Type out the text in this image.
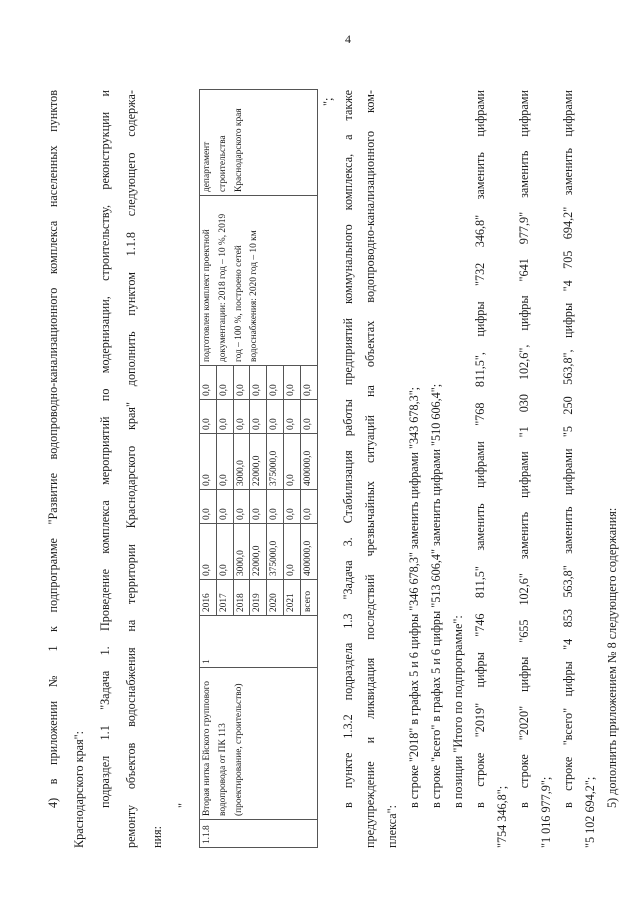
4
4) в приложении № 1 к подпрограмме "Развитие водопроводно-канализационного комплекса населенных пунктов Краснодарского края": подраздел 1.1 "Задача 1. Проведение комплекса мероприятий по модернизации, строительству, реконструкции и
1.1.8	Вторая нитка Ейского группового водопровода от ПК 113 (проектирование, строительство)	1	2016	0,0	0,0	0,0	0,0	0,0	подготовлен комплект проектной документации: 2018 год – 10 %, 2019 год – 100 %, построено сетей водоснабжения: 2020 год – 10 км	департамент строительства Краснодарского края
			2017	0,0	0,0	0,0	0,0	0,0		
			2018	3000,0	0,0	3000,0	0,0	0,0		
			2019	22000,0	0,0	22000,0	0,0	0,0		
			2020	375000,0	0,0	375000,0	0,0	0,0		
			2021	0,0	0,0	0,0	0,0	0,0		
			всего	400000,0	0,0	400000,0	0,0	0,0		
ремонту объектов водоснабжения на территории Краснодарского края" дополнить пунктом 1.1.8 следующего содержа- ния:
"
"; в пункте 1.3.2 подраздела 1.3 "Задача 3. Стабилизация работы предприятий коммунального комплекса, а также предупреждение и ликвидация последствий чрезвычайных ситуаций на объектах водопроводно-канализационного ком- плекса":
в строке "2018" в графах 5 и 6 цифры "346 678,3" заменить цифрами "343 678,3"; в строке "всего" в графах 5 и 6 цифры "513 606,4" заменить цифрами "510 606,4"; в позиции "Итого по подпрограмме": в строке "2019" цифры "746 811,5" заменить цифрами "768 811,5", цифры "732 346,8" заменить цифрами
"754 346,8";
в строке "2020" цифры "655 102,6" заменить цифрами "1 030 102,6", цифры "641 977,9" заменить цифрами
"1 016 977,9";
в строке "всего" цифры "4 853 563,8" заменить цифрами "5 250 563,8", цифры "4 705 694,2" заменить цифрами
"5 102 694,2";
5) дополнить приложением № 8 следующего содержания:
